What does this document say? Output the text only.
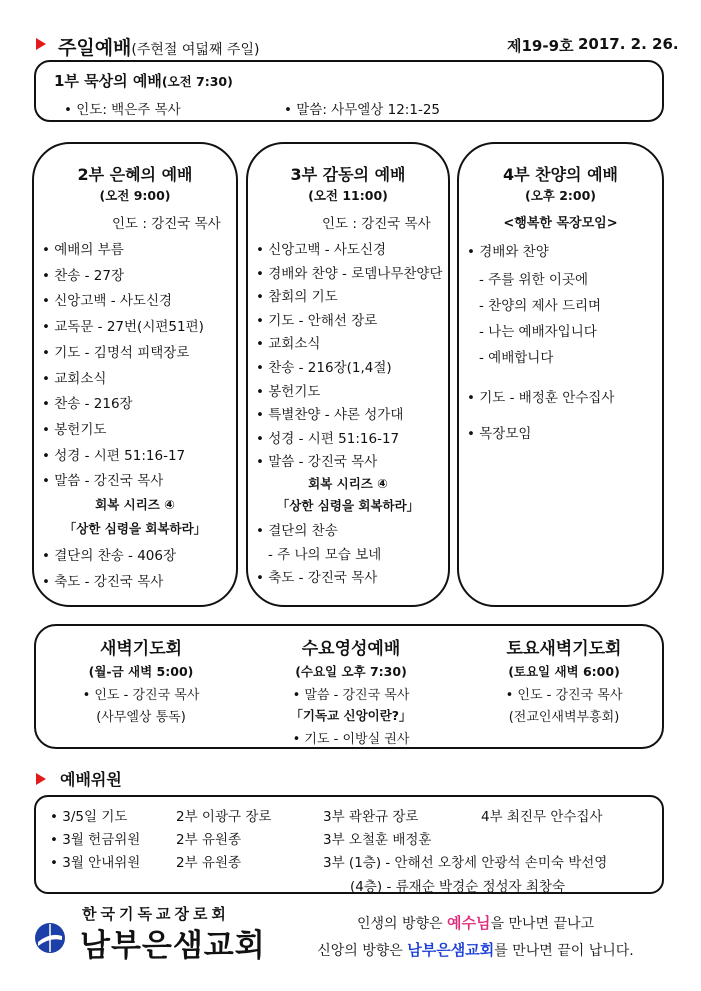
주일예배(주현절 여덟째 주일)	제19-9호 2017. 2. 26.
1부 묵상의 예배(오전 7:30)
• 인도: 백은주 목사	• 말씀: 사무엘상 12:1-25
2부 은혜의 예배
(오전 9:00)
인도 : 강진국 목사
• 예배의 부름
• 찬송 - 27장
• 신앙고백 - 사도신경
• 교독문 - 27번(시편51편)
• 기도 - 김명석 피택장로
• 교회소식
• 찬송 - 216장
• 봉헌기도
• 성경 - 시편 51:16-17
• 말씀 - 강진국 목사
회복 시리즈 ④
「상한 심령을 회복하라」
• 결단의 찬송 - 406장
• 축도 - 강진국 목사
3부 감동의 예배
(오전 11:00)
인도 : 강진국 목사
• 신앙고백 - 사도신경
• 경배와 찬양 - 로뎀나무찬양단
• 참회의 기도
• 기도 - 안해선 장로
• 교회소식
• 찬송 - 216장(1,4절)
• 봉헌기도
• 특별찬양 - 샤론 성가대
• 성경 - 시편 51:16-17
• 말씀 - 강진국 목사
회복 시리즈 ④
「상한 심령을 회복하라」
• 결단의 찬송
- 주 나의 모습 보네
• 축도 - 강진국 목사
4부 찬양의 예배
(오후 2:00)
<행복한 목장모임>
• 경배와 찬양
- 주를 위한 이곳에
- 찬양의 제사 드리며
- 나는 예배자입니다
- 예배합니다
• 기도 - 배정훈 안수집사
• 목장모임
새벽기도회
(월-금 새벽 5:00)
• 인도 - 강진국 목사
(사무엘상 통독)
수요영성예배
(수요일 오후 7:30)
• 말씀 - 강진국 목사
「기독교 신앙이란?」
• 기도 - 이방실 권사
토요새벽기도회
(토요일 새벽 6:00)
• 인도 - 강진국 목사
(전교인새벽부흥회)
예배위원
• 3/5일 기도	2부 이광구 장로	3부 곽완규 장로	4부 최진무 안수집사
• 3월 헌금위원	2부 유원종	3부 오철훈 배정훈
• 3월 안내위원	2부 유원종	3부 (1층) - 안해선 오창세 안광석 손미숙 박선영
(4층) - 류재순 박경순 정성자 최창숙
한국기독교장로회
남부은샘교회
인생의 방향은 예수님을 만나면 끝나고
신앙의 방향은 남부은샘교회를 만나면 끝이 납니다.
